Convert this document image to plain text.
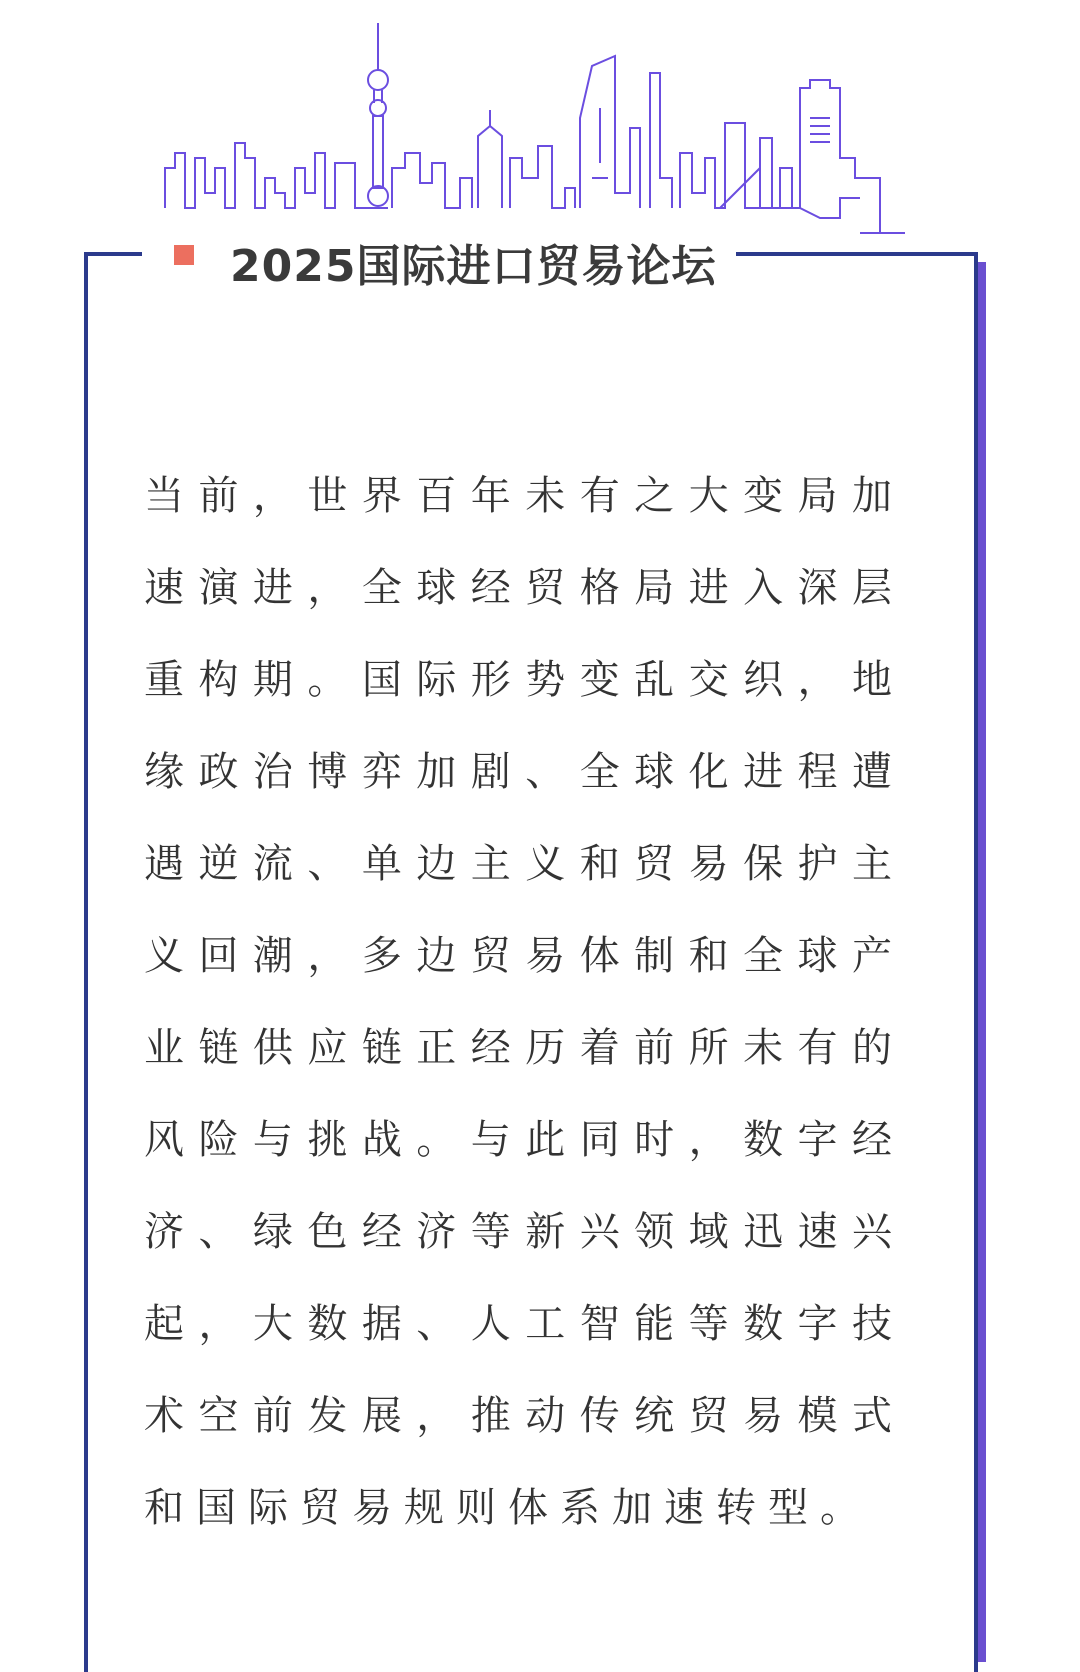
2025国际进口贸易论坛

当前，世界百年未有之大变局加速演进，全球经贸格局进入深层重构期。国际形势变乱交织，地缘政治博弈加剧、全球化进程遭遇逆流、单边主义和贸易保护主义回潮，多边贸易体制和全球产业链供应链正经历着前所未有的风险与挑战。与此同时，数字经济、绿色经济等新兴领域迅速兴起，大数据、人工智能等数字技术空前发展，推动传统贸易模式和国际贸易规则体系加速转型。
